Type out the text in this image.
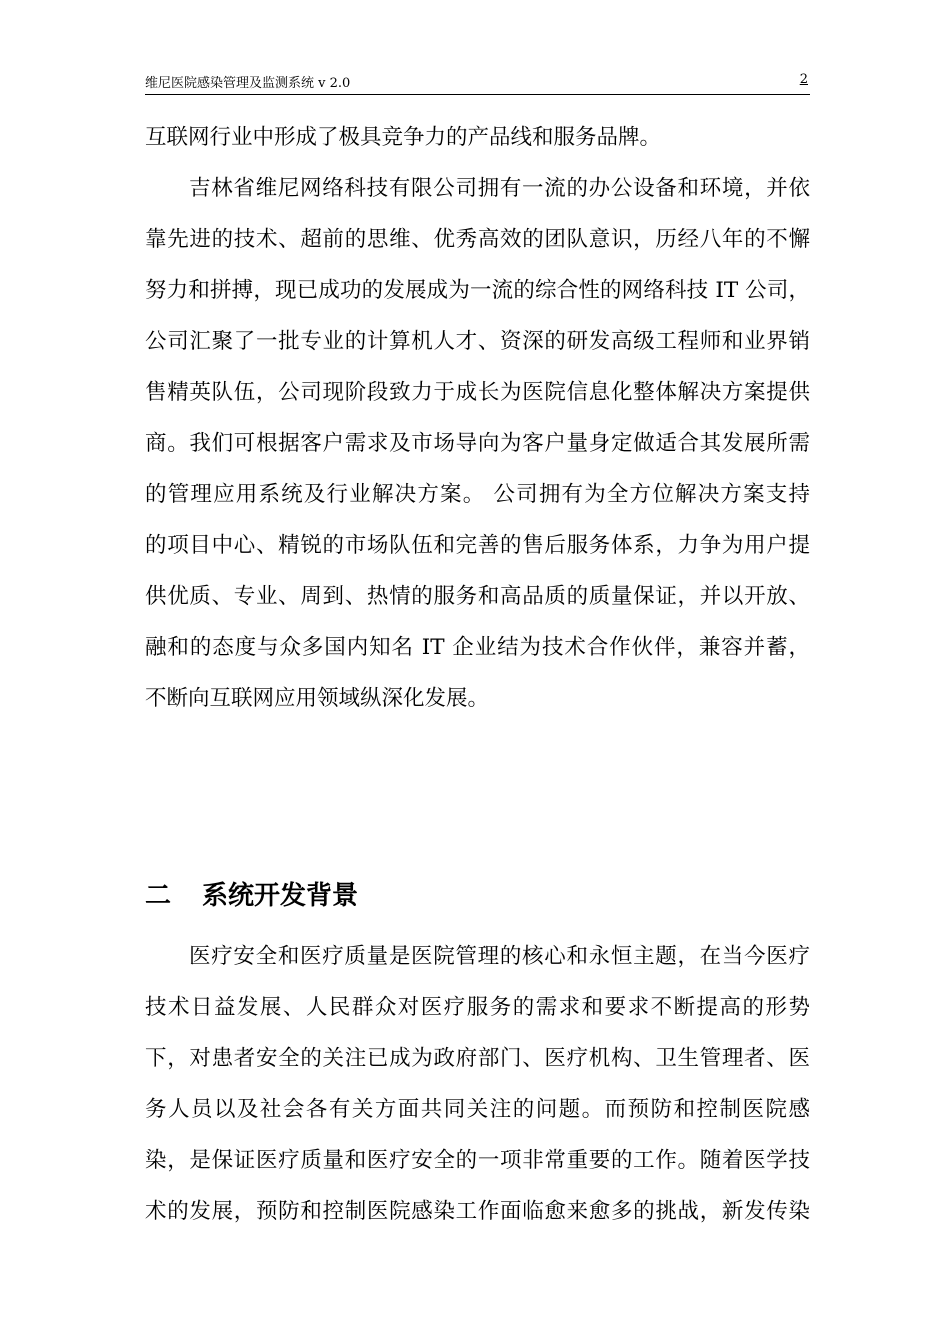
维尼医院感染管理及监测系统 v 2.0	2
互联网行业中形成了极具竞争力的产品线和服务品牌。
吉林省维尼网络科技有限公司拥有一流的办公设备和环境，并依
靠先进的技术、超前的思维、优秀高效的团队意识，历经八年的不懈
努力和拼搏，现已成功的发展成为一流的综合性的网络科技 IT 公司，
公司汇聚了一批专业的计算机人才、资深的研发高级工程师和业界销
售精英队伍，公司现阶段致力于成长为医院信息化整体解决方案提供
商。我们可根据客户需求及市场导向为客户量身定做适合其发展所需
的管理应用系统及行业解决方案。 公司拥有为全方位解决方案支持
的项目中心、精锐的市场队伍和完善的售后服务体系，力争为用户提
供优质、专业、周到、热情的服务和高品质的质量保证，并以开放、
融和的态度与众多国内知名 IT 企业结为技术合作伙伴，兼容并蓄，
不断向互联网应用领域纵深化发展。
二 系统开发背景
医疗安全和医疗质量是医院管理的核心和永恒主题，在当今医疗
技术日益发展、人民群众对医疗服务的需求和要求不断提高的形势
下，对患者安全的关注已成为政府部门、医疗机构、卫生管理者、医
务人员以及社会各有关方面共同关注的问题。而预防和控制医院感
染，是保证医疗质量和医疗安全的一项非常重要的工作。随着医学技
术的发展，预防和控制医院感染工作面临愈来愈多的挑战，新发传染
